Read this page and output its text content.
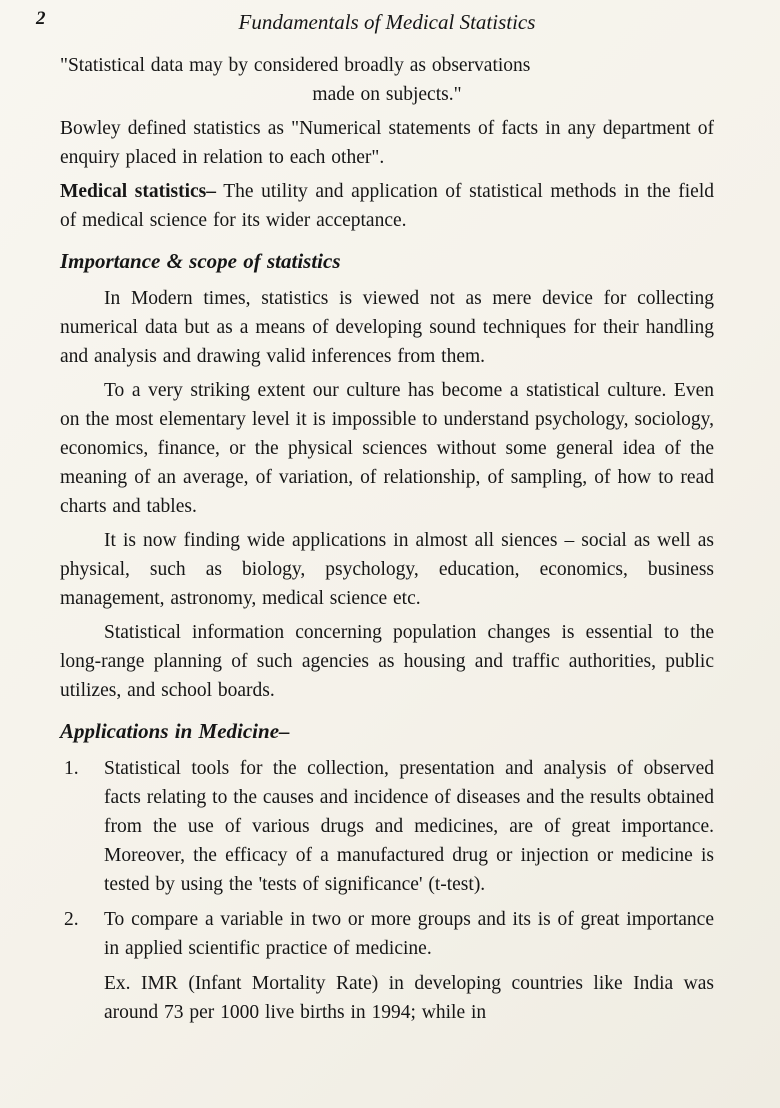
2	Fundamentals of Medical Statistics
"Statistical data may by considered broadly as observations
made on subjects."

Bowley defined statistics as "Numerical statements of facts in any department of enquiry placed in relation to each other".

Medical statistics– The utility and application of statistical methods in the field of medical science for its wider acceptance.

Importance & scope of statistics

In Modern times, statistics is viewed not as mere device for collecting numerical data but as a means of developing sound techniques for their handling and analysis and drawing valid inferences from them.

To a very striking extent our culture has become a statistical culture. Even on the most elementary level it is impossible to understand psychology, sociology, economics, finance, or the physical sciences without some general idea of the meaning of an average, of variation, of relationship, of sampling, of how to read charts and tables.

It is now finding wide applications in almost all siences – social as well as physical, such as biology, psychology, education, economics, business management, astronomy, medical science etc.

Statistical information concerning population changes is essential to the long-range planning of such agencies as housing and traffic authorities, public utilizes, and school boards.

Applications in Medicine–
1.	Statistical tools for the collection, presentation and analysis of observed facts relating to the causes and incidence of diseases and the results obtained from the use of various drugs and medicines, are of great importance. Moreover, the efficacy of a manufactured drug or injection or medicine is tested by using the 'tests of significance' (t-test).
2.	To compare a variable in two or more groups and its is of great importance in applied scientific practice of medicine.
Ex. IMR (Infant Mortality Rate) in developing countries like India was around 73 per 1000 live births in 1994; while in
